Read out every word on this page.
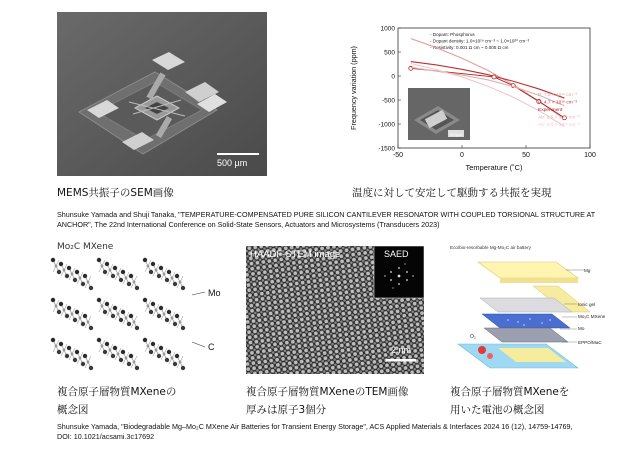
500 µm
MEMS共振子のSEM画像
500µm
- Dopant: Phosphorus
- Dopant density: 1.0×10¹⁹ cm⁻³ ~ 1.0×10²⁰ cm⁻³
- Resistivity: 0.001 Ω cm ~ 0.005 Ω cm
P: 7.8 × 10¹⁹ cm⁻³
P: 4.7 × 10¹⁹ cm⁻³
Experiment
Ab: 2.5 × 10¹⁹ cm⁻³
Ab: 3.0 × 10¹⁹ cm⁻³
-50	0	50	100
1000
500
0
-500
-1000
-1500
Temperature (˚C)
Frequency variation (ppm)
温度に対して安定して駆動する共振を実現
Shunsuke Yamada and Shuji Tanaka, "TEMPERATURE-COMPENSATED PURE SILICON CANTILEVER RESONATOR WITH COUPLED TORSIONAL STRUCTURE AT ANCHOR", The 22nd International Conference on Solid-State Sensors, Actuators and Microsystems (Transducers 2023)
Mo₂C MXene
Mo
C
複合原子層物質MXeneの
概念図
HAADF-STEM image	SAED
2 nm
複合原子層物質MXeneのTEM画像
厚みは原子3個分
Eco/bio-resorbable Mg-Mo₂C air battery
O₂
Mg
Ionic gel
Mo₂C MXene
Mo
EPPO/MaC
複合原子層物質MXeneを
用いた電池の概念図
Shunsuke Yamada, "Biodegradable Mg–Mo₂C MXene Air Batteries for Transient Energy Storage", ACS Applied Materials & Interfaces 2024 16 (12), 14759-14769, DOI: 10.1021/acsami.3c17692
